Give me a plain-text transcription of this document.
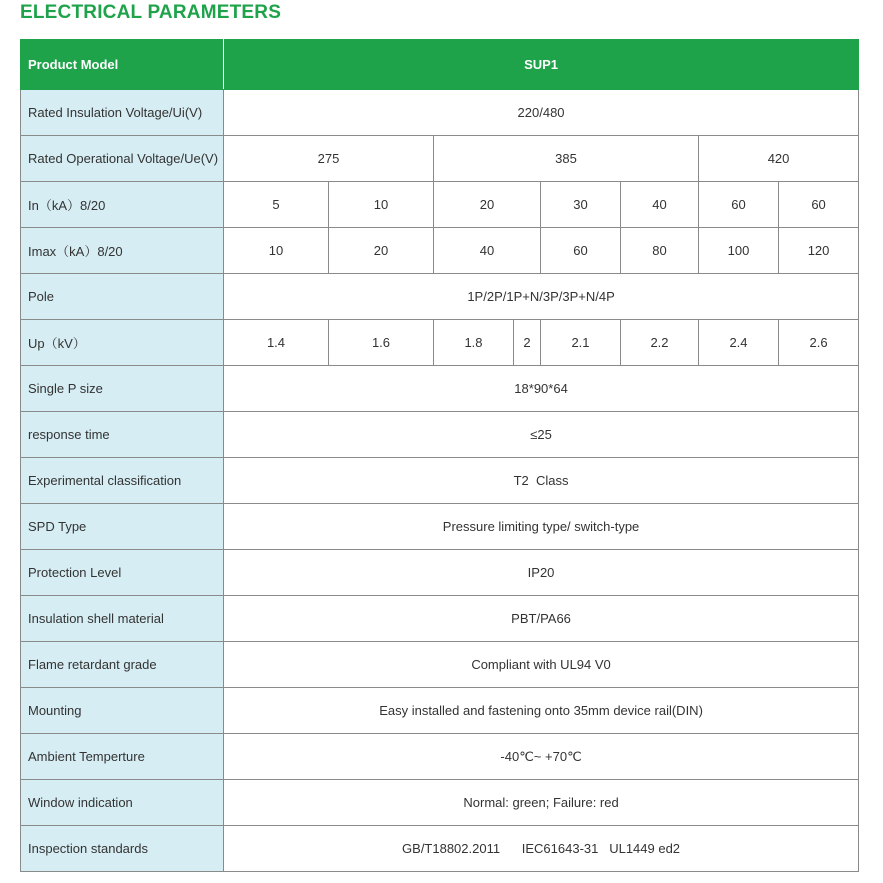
ELECTRICAL PARAMETERS
Product Model	SUP1							
Rated Insulation Voltage/Ui(V)	220/480							
Rated Operational Voltage/Ue(V)	275		385				420	
In（kA）8/20	5	10	20		30	40	60	60
Imax（kA）8/20	10	20	40		60	80	100	120
Pole	1P/2P/1P+N/3P/3P+N/4P							
Up（kV）	1.4	1.6	1.8	2	2.1	2.2	2.4	2.6
Single P size	18*90*64							
response time	≤25							
Experimental classification	T2  Class							
SPD Type	Pressure limiting type/ switch-type							
Protection Level	IP20							
Insulation shell material	PBT/PA66							
Flame retardant grade	Compliant with UL94 V0							
Mounting	Easy installed and fastening onto 35mm device rail(DIN)							
Ambient Temperture	-40℃~ +70℃							
Window indication	Normal: green; Failure: red							
Inspection standards	GB/T18802.2011      IEC61643-31   UL1449 ed2							
